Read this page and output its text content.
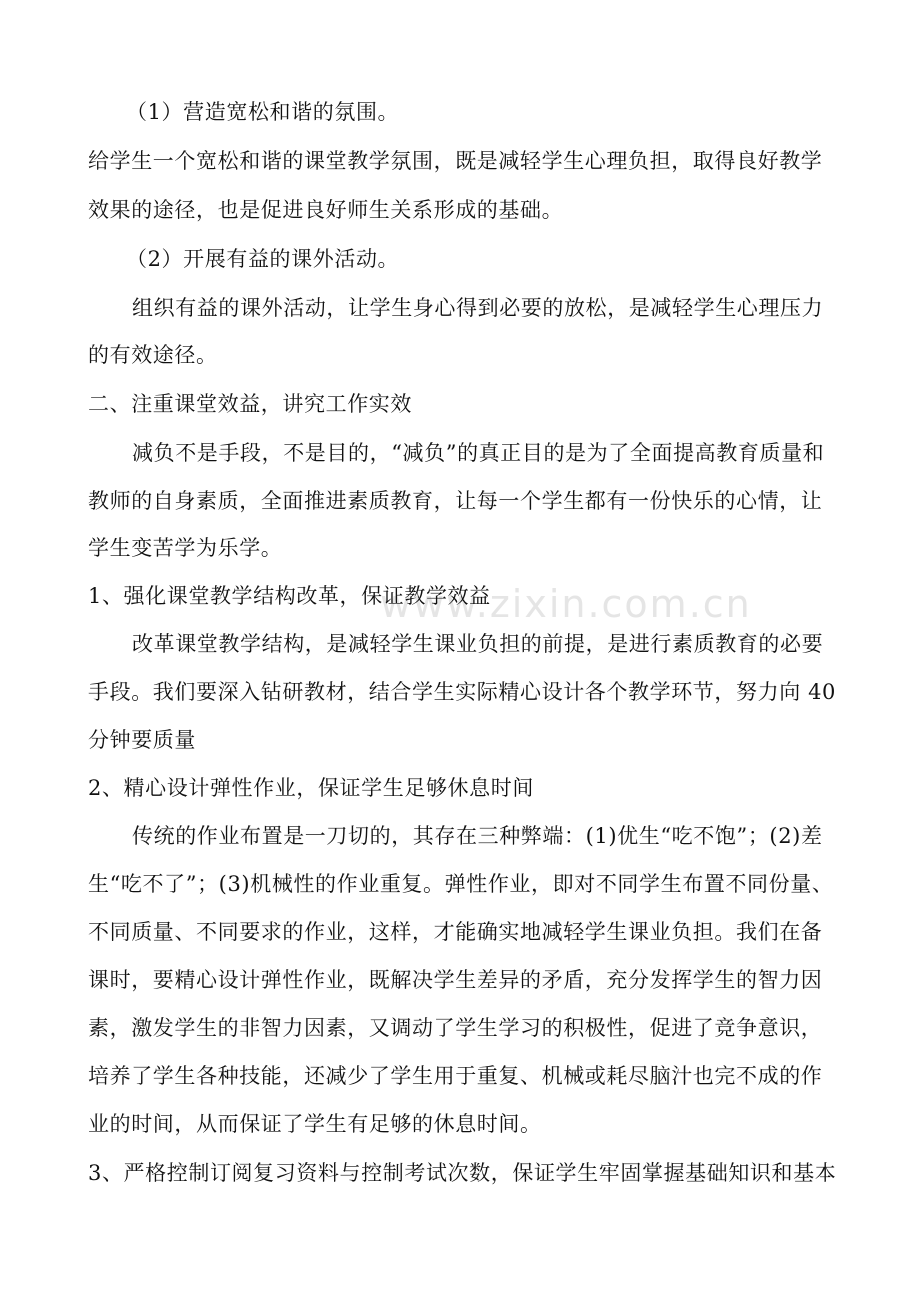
www.zixin.com.cn
（1）营造宽松和谐的氛围。
给学生一个宽松和谐的课堂教学氛围，既是减轻学生心理负担，取得良好教学
效果的途径，也是促进良好师生关系形成的基础。
（2）开展有益的课外活动。
组织有益的课外活动，让学生身心得到必要的放松，是减轻学生心理压力
的有效途径。
二、注重课堂效益，讲究工作实效
减负不是手段，不是目的，“减负”的真正目的是为了全面提高教育质量和
教师的自身素质，全面推进素质教育，让每一个学生都有一份快乐的心情，让
学生变苦学为乐学。
1、强化课堂教学结构改革，保证教学效益
改革课堂教学结构，是减轻学生课业负担的前提，是进行素质教育的必要
手段。我们要深入钻研教材，结合学生实际精心设计各个教学环节，努力向 40
分钟要质量
2、精心设计弹性作业，保证学生足够休息时间
传统的作业布置是一刀切的，其存在三种弊端：(1)优生“吃不饱”；(2)差
生“吃不了”；(3)机械性的作业重复。弹性作业，即对不同学生布置不同份量、
不同质量、不同要求的作业，这样，才能确实地减轻学生课业负担。我们在备
课时，要精心设计弹性作业，既解决学生差异的矛盾，充分发挥学生的智力因
素，激发学生的非智力因素，又调动了学生学习的积极性，促进了竞争意识，
培养了学生各种技能，还减少了学生用于重复、机械或耗尽脑汁也完不成的作
业的时间，从而保证了学生有足够的休息时间。
3、严格控制订阅复习资料与控制考试次数，保证学生牢固掌握基础知识和基本
